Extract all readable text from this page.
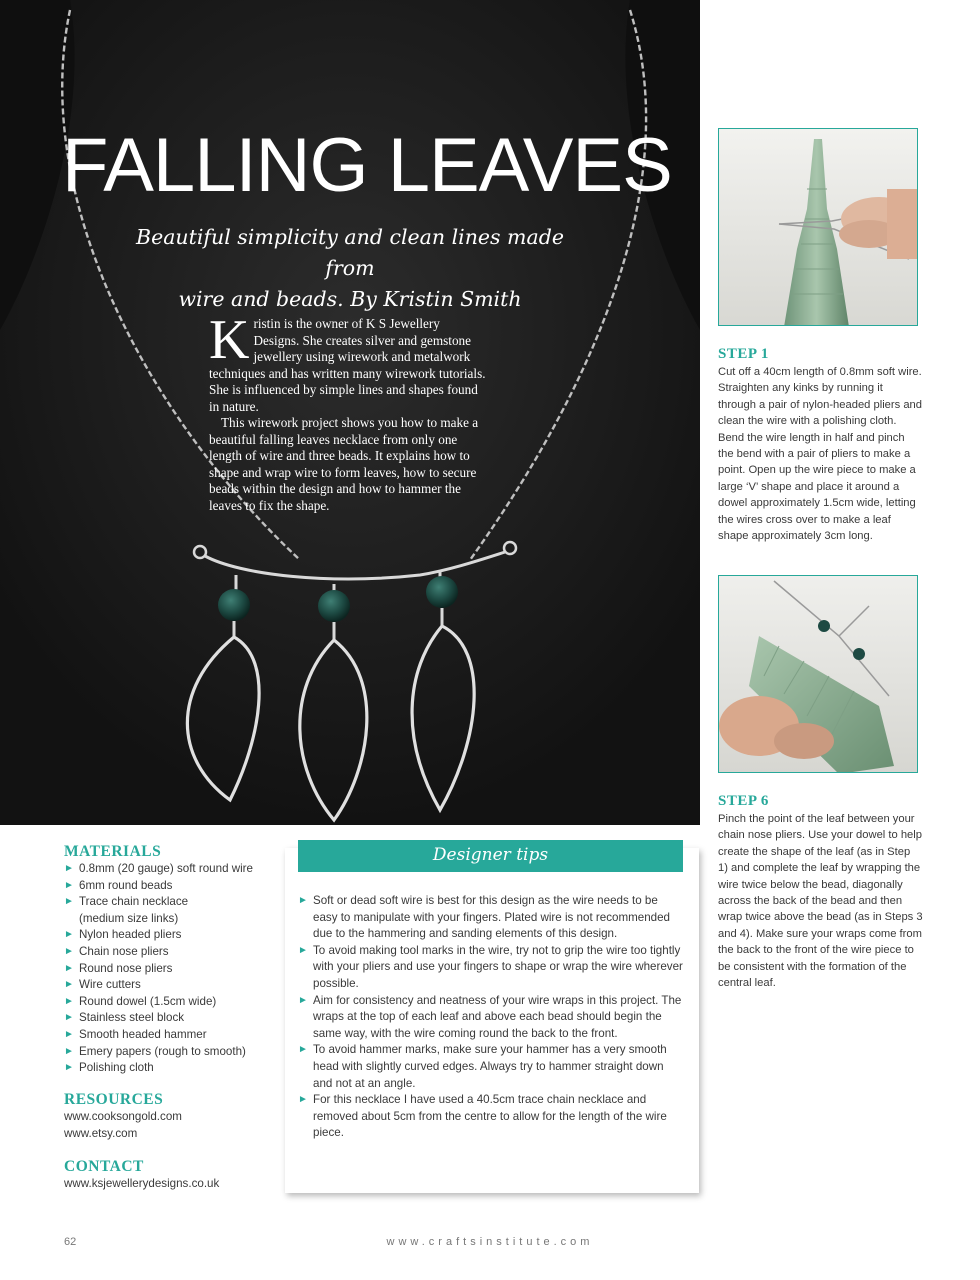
FALLING LEAVES
Beautiful simplicity and clean lines made from
wire and beads. By Kristin Smith

Kristin is the owner of K S Jewellery Designs. She creates silver and gemstone jewellery using wirework and metalwork techniques and has written many wirework tutorials. She is influenced by simple lines and shapes found in nature.

This wirework project shows you how to make a beautiful falling leaves necklace from only one length of wire and three beads. It explains how to shape and wrap wire to form leaves, how to secure beads within the design and how to hammer the leaves to fix the shape.

STEP 1
Cut off a 40cm length of 0.8mm soft wire. Straighten any kinks by running it through a pair of nylon-headed pliers and clean the wire with a polishing cloth. Bend the wire length in half and pinch the bend with a pair of pliers to make a point. Open up the wire piece to make a large ‘V’ shape and place it around a dowel approximately 1.5cm wide, letting the wires cross over to make a leaf shape approximately 3cm long.
STEP 6
Pinch the point of the leaf between your chain nose pliers. Use your dowel to help create the shape of the leaf (as in Step 1) and complete the leaf by wrapping the wire twice below the bead, diagonally across the back of the bead and then wrap twice above the bead (as in Steps 3 and 4). Make sure your wraps come from the back to the front of the wire piece to be consistent with the formation of the central leaf.
MATERIALS
► 0.8mm (20 gauge) soft round wire
► 6mm round beads
► Trace chain necklace (medium size links)
► Nylon headed pliers
► Chain nose pliers
► Round nose pliers
► Wire cutters
► Round dowel (1.5cm wide)
► Stainless steel block
► Smooth headed hammer
► Emery papers (rough to smooth)
► Polishing cloth
RESOURCES
www.cooksongold.com
www.etsy.com
CONTACT
www.ksjewellerydesigns.co.uk
Designer tips
► Soft or dead soft wire is best for this design as the wire needs to be easy to manipulate with your fingers. Plated wire is not recommended due to the hammering and sanding elements of this design.
► To avoid making tool marks in the wire, try not to grip the wire too tightly with your pliers and use your fingers to shape or wrap the wire wherever possible.
► Aim for consistency and neatness of your wire wraps in this project. The wraps at the top of each leaf and above each bead should begin the same way, with the wire coming round the back to the front.
► To avoid hammer marks, make sure your hammer has a very smooth head with slightly curved edges. Always try to hammer straight down and not at an angle.
► For this necklace I have used a 40.5cm trace chain necklace and removed about 5cm from the centre to allow for the length of the wire piece.
62	www.craftsinstitute.com
